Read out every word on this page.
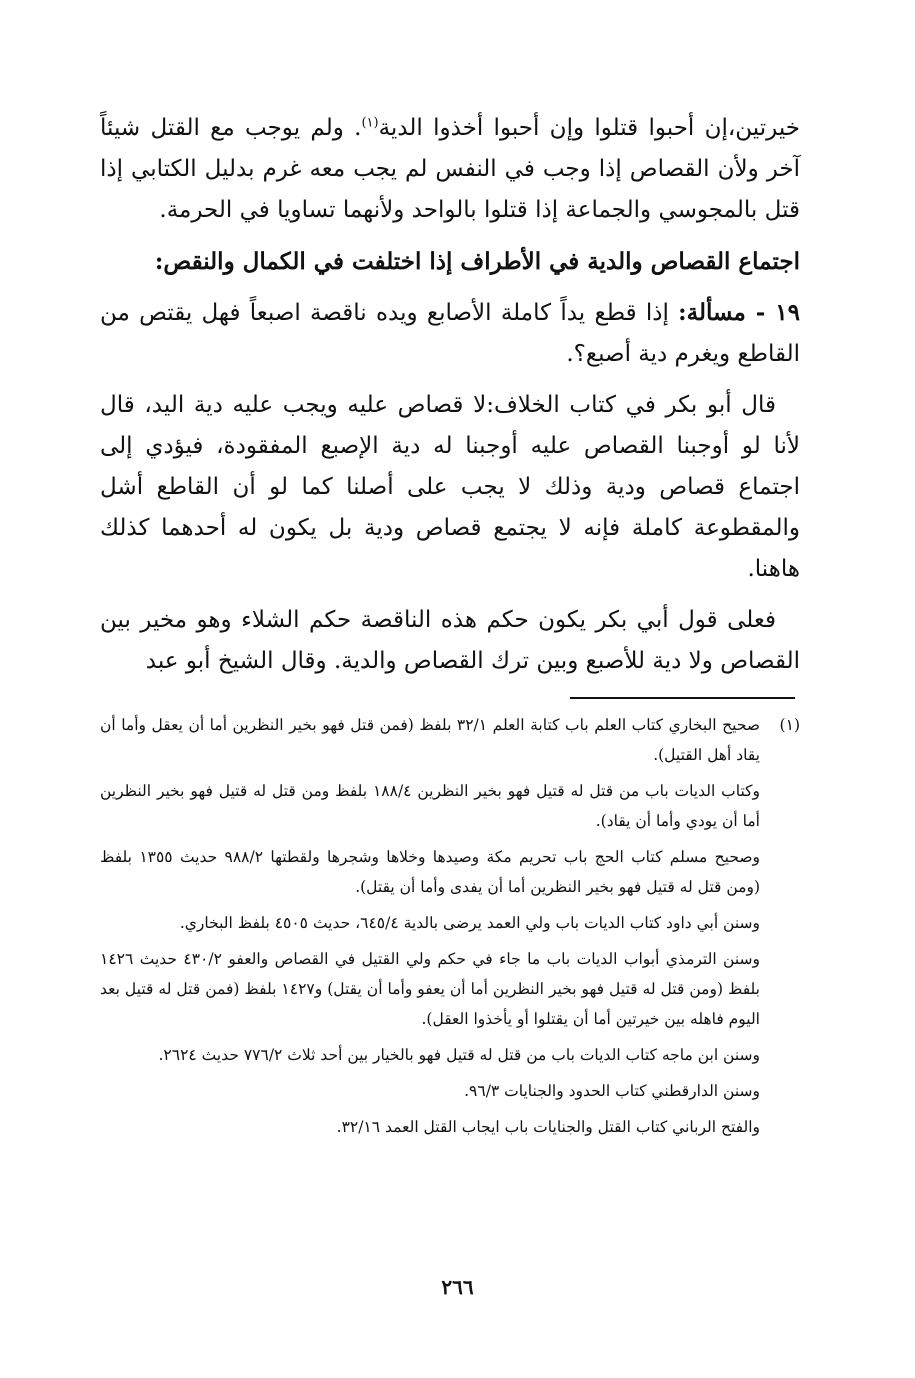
خيرتين،إن أحبوا قتلوا وإن أحبوا أخذوا الدية$^{(١)}$. ولم يوجب مع القتل شيئاً آخر ولأن القصاص إذا وجب في النفس لم يجب معه غرم بدليل الكتابي إذا قتل بالمجوسي والجماعة إذا قتلوا بالواحد ولأنهما تساويا في الحرمة.

اجتماع القصاص والدية في الأطراف إذا اختلفت في الكمال والنقص:

١٩ - مسألة: إذا قطع يداً كاملة الأصابع ويده ناقصة اصبعاً فهل يقتص من القاطع ويغرم دية أصبع؟.

قال أبو بكر في كتاب الخلاف:لا قصاص عليه ويجب عليه دية اليد، قال لأنا لو أوجبنا القصاص عليه أوجبنا له دية الإصبع المفقودة، فيؤدي إلى اجتماع قصاص ودية وذلك لا يجب على أصلنا كما لو أن القاطع أشل والمقطوعة كاملة فإنه لا يجتمع قصاص ودية بل يكون له أحدهما كذلك هاهنا.

فعلى قول أبي بكر يكون حكم هذه الناقصة حكم الشلاء وهو مخير بين القصاص ولا دية للأصبع وبين ترك القصاص والدية. وقال الشيخ أبو عبد

(١)
صحيح البخاري كتاب العلم باب كتابة العلم ٣٢/١ بلفظ (فمن قتل فهو بخير النظرين أما أن يعقل وأما أن يقاد أهل القتيل).

وكتاب الديات باب من قتل له قتيل فهو بخير النظرين ١٨٨/٤ بلفظ ومن قتل له قتيل فهو بخير النظرين أما أن يودي وأما أن يقاد).

وصحيح مسلم كتاب الحج باب تحريم مكة وصيدها وخلاها وشجرها ولقطتها ٩٨٨/٢ حديث ١٣٥٥ بلفظ (ومن قتل له قتيل فهو بخير النظرين أما أن يفدى وأما أن يقتل).

وسنن أبي داود كتاب الديات باب ولي العمد يرضى بالدية ٦٤٥/٤، حديث ٤٥٠٥ بلفظ البخاري.

وسنن الترمذي أبواب الديات باب ما جاء في حكم ولي القتيل في القصاص والعفو ٤٣٠/٢ حديث ١٤٢٦ بلفظ (ومن قتل له قتيل فهو بخير النظرين أما أن يعفو وأما أن يقتل) و١٤٢٧ بلفظ (فمن قتل له قتيل بعد اليوم فاهله بين خيرتين أما أن يقتلوا أو يأخذوا العقل).

وسنن ابن ماجه كتاب الديات باب من قتل له قتيل فهو بالخيار بين أحد ثلاث ٧٧٦/٢ حديث ٢٦٢٤.

وسنن الدارقطني كتاب الحدود والجنايات ٩٦/٣.

والفتح الرباني كتاب القتل والجنايات باب ايجاب القتل العمد ٣٢/١٦.

٢٦٦
